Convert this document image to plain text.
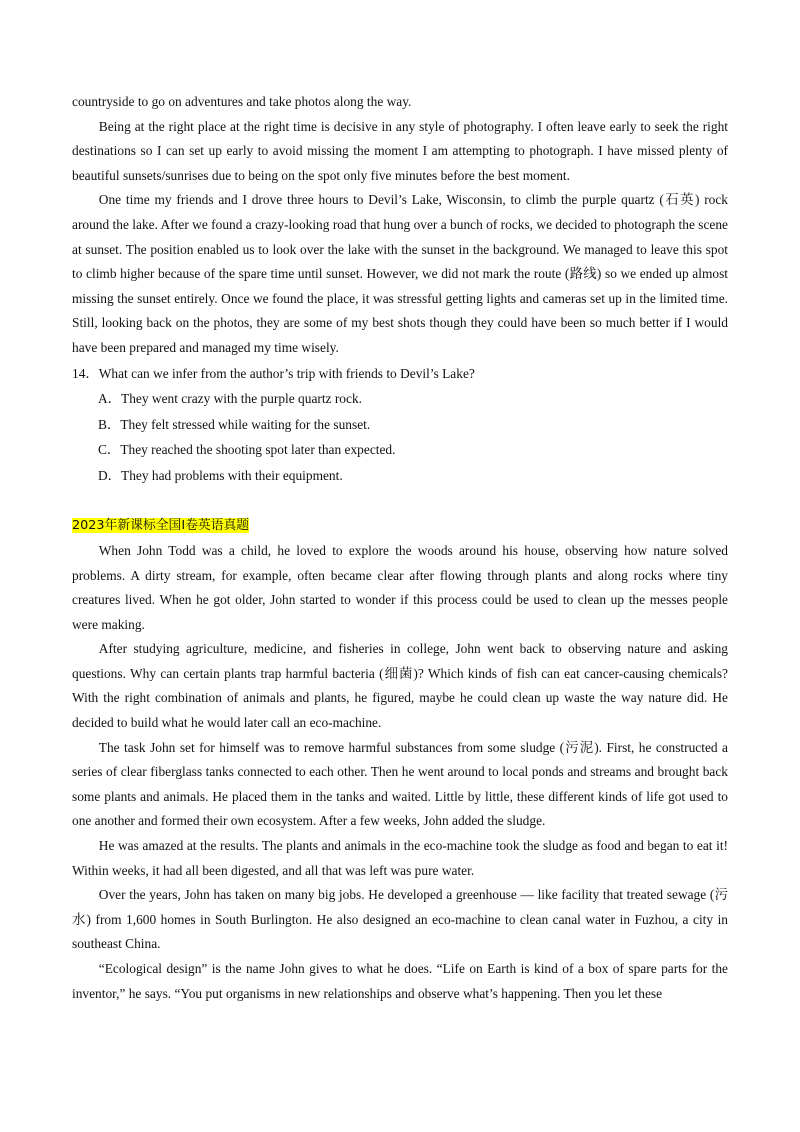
countryside to go on adventures and take photos along the way.

Being at the right place at the right time is decisive in any style of photography. I often leave early to seek the right destinations so I can set up early to avoid missing the moment I am attempting to photograph. I have missed plenty of beautiful sunsets/sunrises due to being on the spot only five minutes before the best moment.

One time my friends and I drove three hours to Devil’s Lake, Wisconsin, to climb the purple quartz (石英) rock around the lake. After we found a crazy-looking road that hung over a bunch of rocks, we decided to photograph the scene at sunset. The position enabled us to look over the lake with the sunset in the background. We managed to leave this spot to climb higher because of the spare time until sunset. However, we did not mark the route (路线) so we ended up almost missing the sunset entirely. Once we found the place, it was stressful getting lights and cameras set up in the limited time. Still, looking back on the photos, they are some of my best shots though they could have been so much better if I would have been prepared and managed my time wisely.

14．What can we infer from the author’s trip with friends to Devil’s Lake?

A．They went crazy with the purple quartz rock.

B．They felt stressed while waiting for the sunset.

C．They reached the shooting spot later than expected.

D．They had problems with their equipment.

2023年新课标全国Ⅰ卷英语真题

When John Todd was a child, he loved to explore the woods around his house, observing how nature solved problems. A dirty stream, for example, often became clear after flowing through plants and along rocks where tiny creatures lived. When he got older, John started to wonder if this process could be used to clean up the messes people were making.

After studying agriculture, medicine, and fisheries in college, John went back to observing nature and asking questions. Why can certain plants trap harmful bacteria (细菌)? Which kinds of fish can eat cancer-causing chemicals? With the right combination of animals and plants, he figured, maybe he could clean up waste the way nature did. He decided to build what he would later call an eco-machine.

The task John set for himself was to remove harmful substances from some sludge (污泥). First, he constructed a series of clear fiberglass tanks connected to each other. Then he went around to local ponds and streams and brought back some plants and animals. He placed them in the tanks and waited. Little by little, these different kinds of life got used to one another and formed their own ecosystem. After a few weeks, John added the sludge.

He was amazed at the results. The plants and animals in the eco-machine took the sludge as food and began to eat it! Within weeks, it had all been digested, and all that was left was pure water.

Over the years, John has taken on many big jobs. He developed a greenhouse — like facility that treated sewage (污水) from 1,600 homes in South Burlington. He also designed an eco-machine to clean canal water in Fuzhou, a city in southeast China.

“Ecological design” is the name John gives to what he does. “Life on Earth is kind of a box of spare parts for the inventor,” he says. “You put organisms in new relationships and observe what’s happening. Then you let these
